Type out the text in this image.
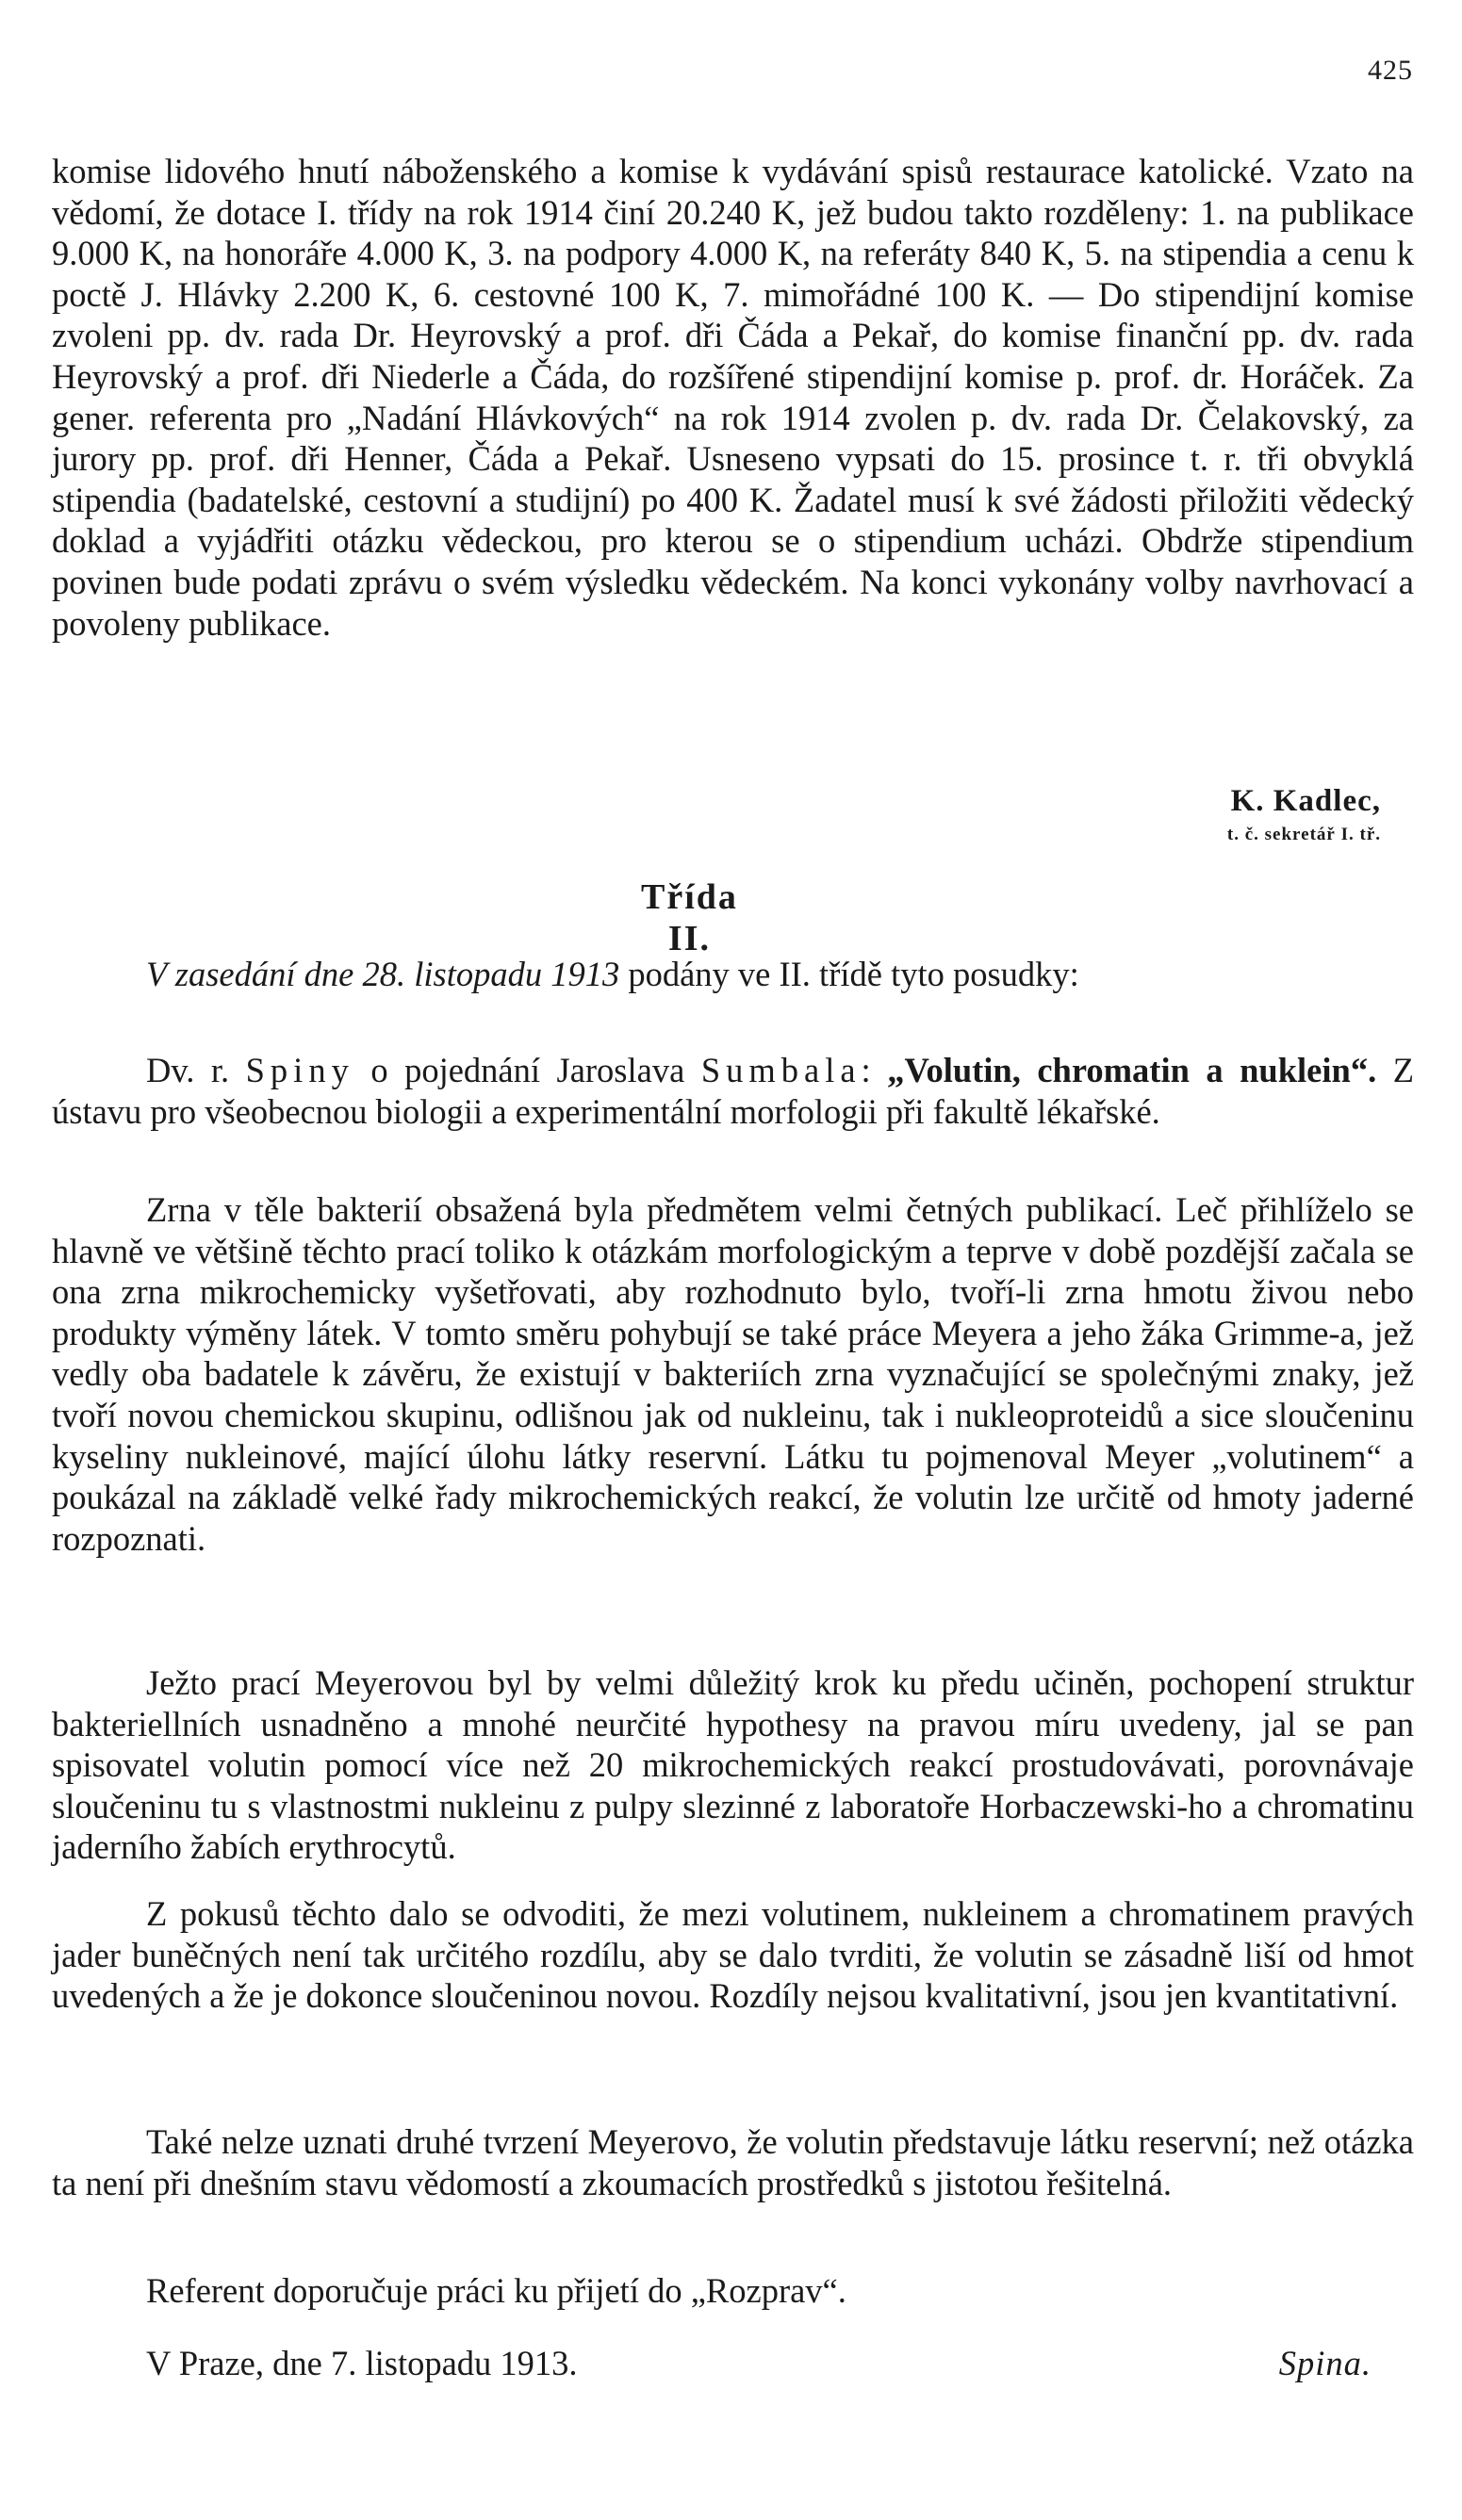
425
komise lidového hnutí náboženského a komise k vydávání spisů restaurace katolické. Vzato na vědomí, že dotace I. třídy na rok 1914 činí 20.240 K, jež budou takto rozděleny: 1. na publikace 9.000 K, na honoráře 4.000 K, 3. na podpory 4.000 K, na referáty 840 K, 5. na stipendia a cenu k poctě J. Hlávky 2.200 K, 6. cestovné 100 K, 7. mimořádné 100 K. — Do stipendijní komise zvoleni pp. dv. rada Dr. Heyrovský a prof. dři Čáda a Pekař, do komise finanční pp. dv. rada Heyrovský a prof. dři Niederle a Čáda, do rozšířené stipendijní komise p. prof. dr. Horáček. Za gener. referenta pro „Nadání Hlávkových“ na rok 1914 zvolen p. dv. rada Dr. Čelakovský, za jurory pp. prof. dři Henner, Čáda a Pekař. Usneseno vypsati do 15. prosince t. r. tři obvyklá stipendia (badatelské, cestovní a studijní) po 400 K. Žadatel musí k své žádosti přiložiti vědecký doklad a vyjádřiti otázku vědeckou, pro kterou se o stipendium ucházi. Obdrže stipendium povinen bude podati zprávu o svém výsledku vědeckém. Na konci vykonány volby navrhovací a povoleny publikace.
K. Kadlec,
t. č. sekretář I. tř.
Třída II.
V zasedání dne 28. listopadu 1913 podány ve II. třídě tyto posudky:
Dv. r. Spiny o pojednání Jaroslava Sumbala: „Volutin, chromatin a nuklein“. Z ústavu pro všeobecnou biologii a experimentální morfologii při fakultě lékařské.
Zrna v těle bakterií obsažená byla předmětem velmi četných publikací. Leč přihlíželo se hlavně ve většině těchto prací toliko k otázkám morfologickým a teprve v době pozdější začala se ona zrna mikrochemicky vyšetřovati, aby rozhodnuto bylo, tvoří-li zrna hmotu živou nebo produkty výměny látek. V tomto směru pohybují se také práce Meyera a jeho žáka Grimme-a, jež vedly oba badatele k závěru, že existují v bakteriích zrna vyznačující se společnými znaky, jež tvoří novou chemickou skupinu, odlišnou jak od nukleinu, tak i nukleoproteidů a sice sloučeninu kyseliny nukleinové, mající úlohu látky reservní. Látku tu pojmenoval Meyer „volutinem“ a poukázal na základě velké řady mikrochemických reakcí, že volutin lze určitě od hmoty jaderné rozpoznati.
Ježto prací Meyerovou byl by velmi důležitý krok ku předu učiněn, pochopení struktur bakteriellních usnadněno a mnohé neurčité hypothesy na pravou míru uvedeny, jal se pan spisovatel volutin pomocí více než 20 mikrochemických reakcí prostudovávati, porovnávaje sloučeninu tu s vlastnostmi nukleinu z pulpy slezinné z laboratoře Horbaczewski-ho a chromatinu jaderního žabích erythrocytů.
Z pokusů těchto dalo se odvoditi, že mezi volutinem, nukleinem a chromatinem pravých jader buněčných není tak určitého rozdílu, aby se dalo tvrditi, že volutin se zásadně liší od hmot uvedených a že je dokonce sloučeninou novou. Rozdíly nejsou kvalitativní, jsou jen kvantitativní.
Také nelze uznati druhé tvrzení Meyerovo, že volutin představuje látku reservní; než otázka ta není při dnešním stavu vědomostí a zkoumacích prostředků s jistotou řešitelná.
Referent doporučuje práci ku přijetí do „Rozprav“.
V Praze, dne 7. listopadu 1913.	Spina.
